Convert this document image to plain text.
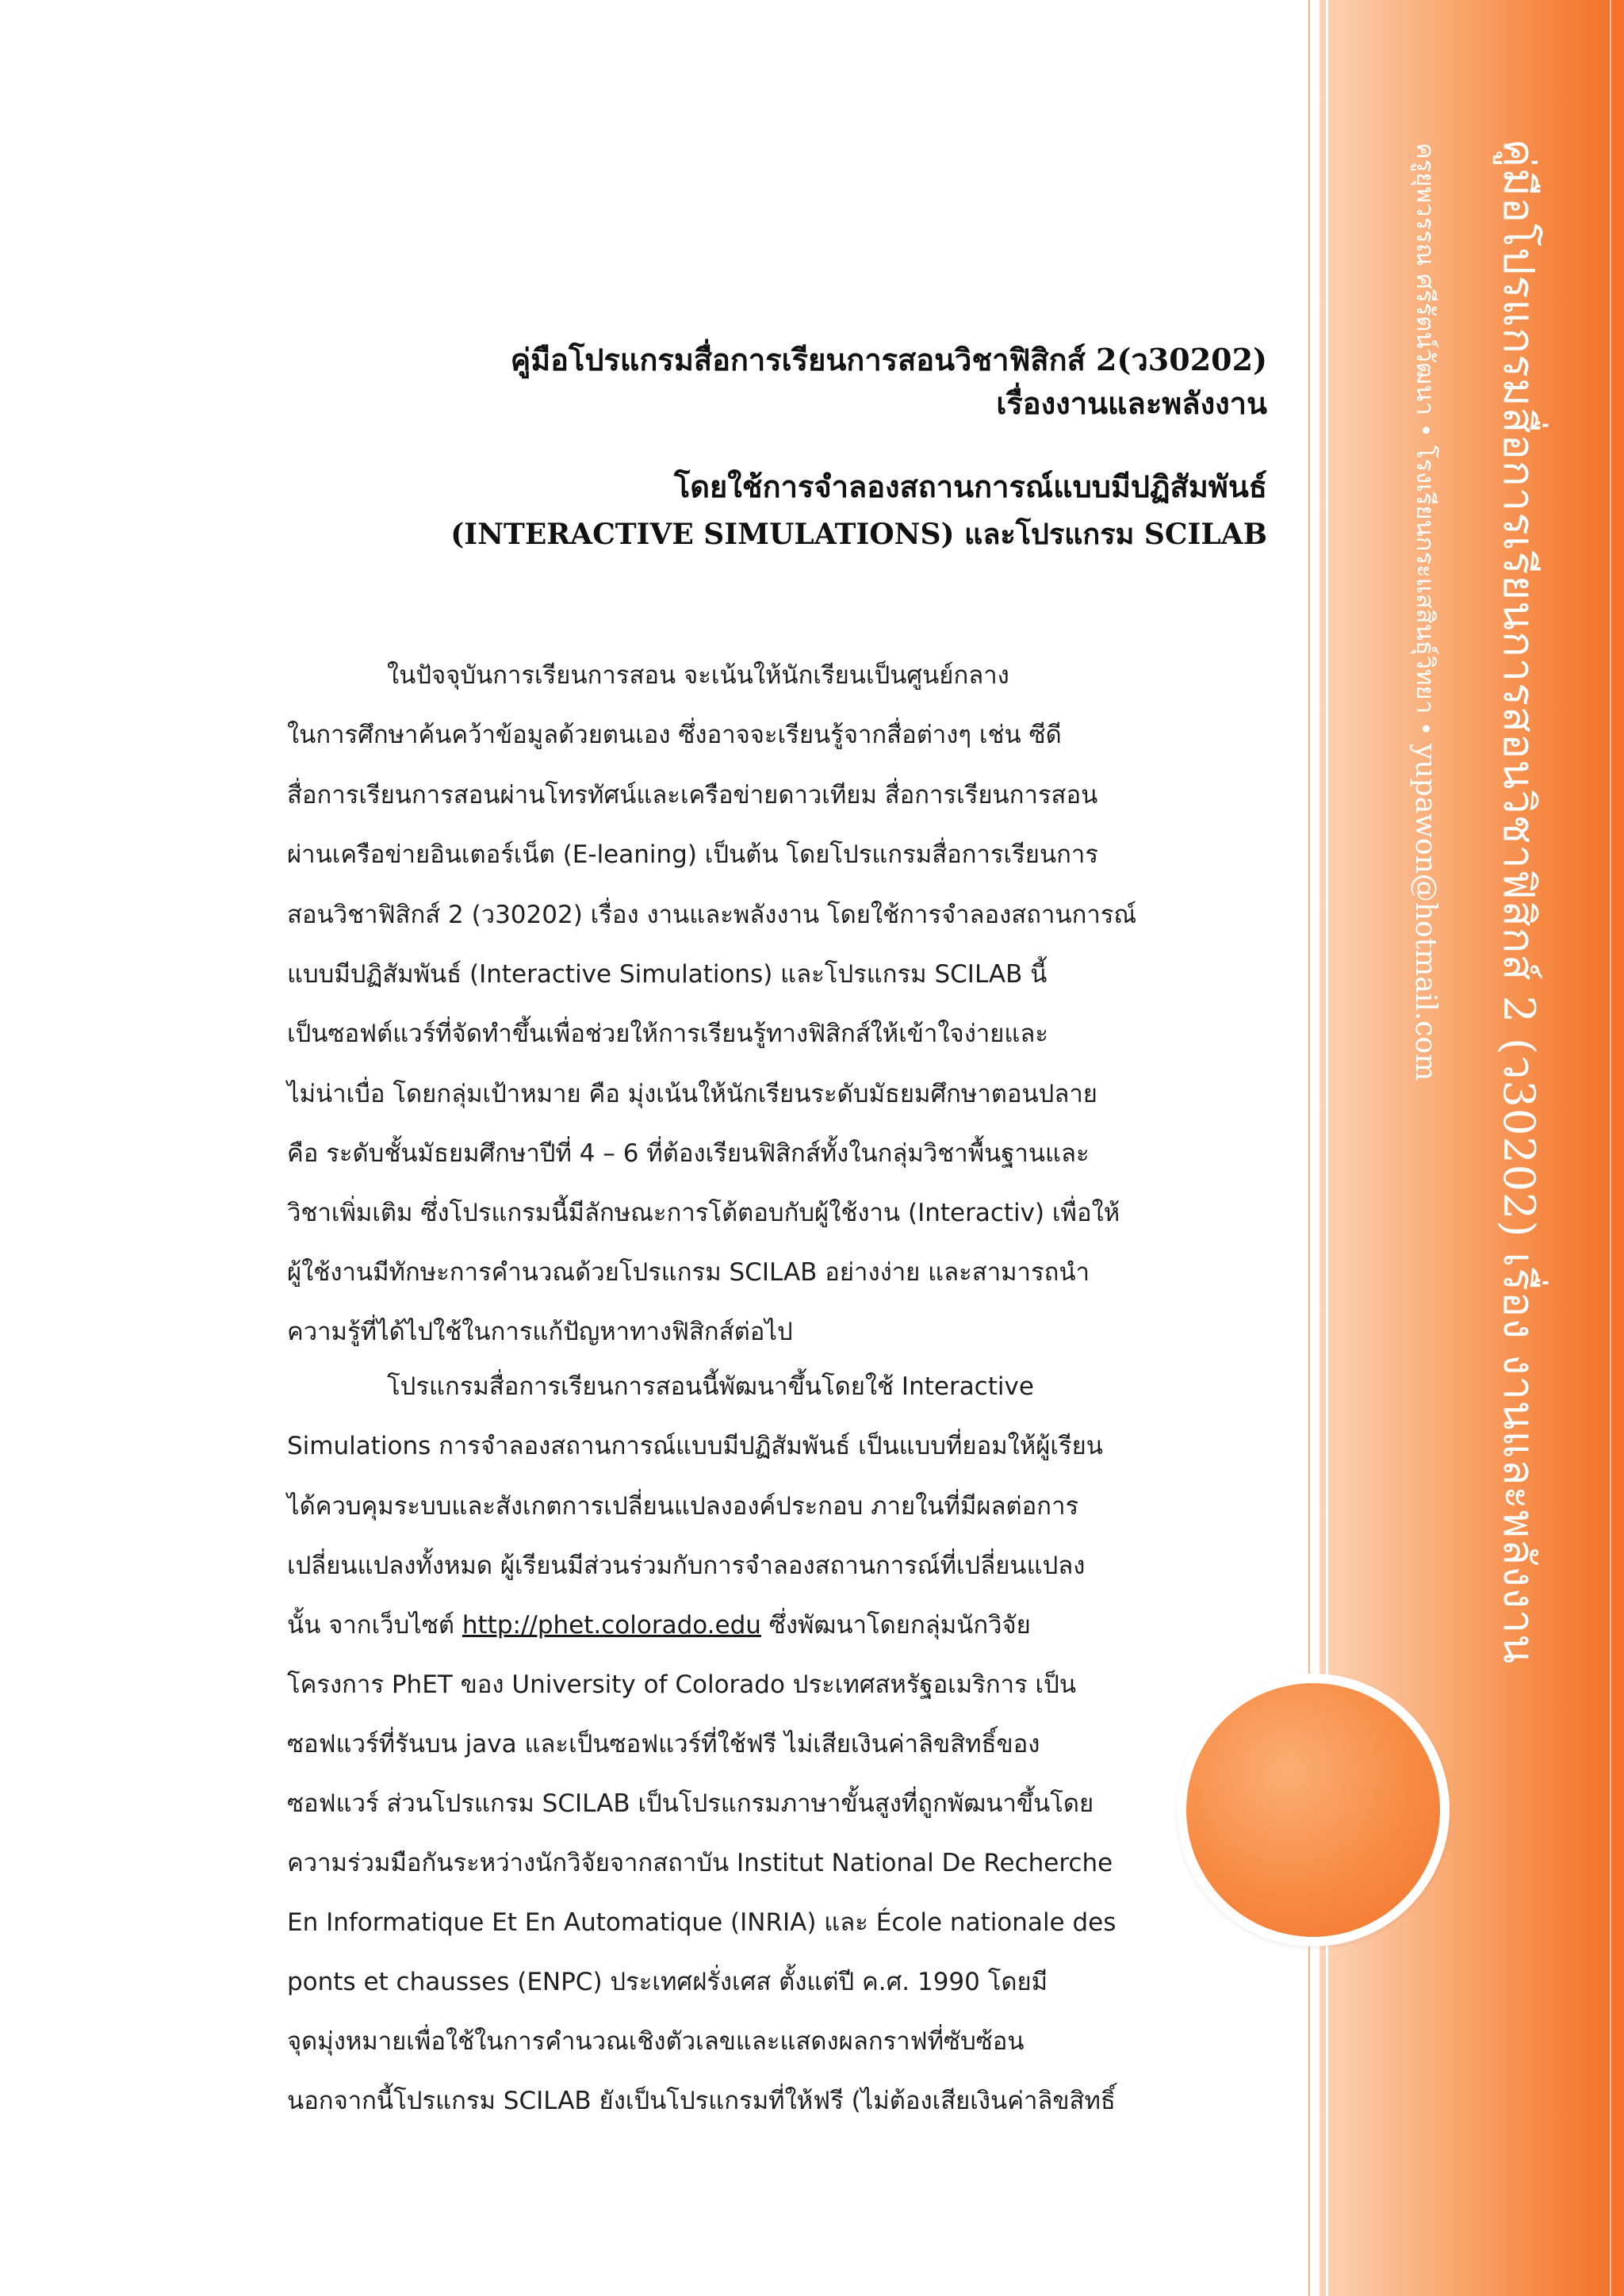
คู่มือโปรแกรมสื่อการเรียนการสอนวิชาฟิสิกส์ 2 (ว30202) เรื่อง งานและพลังงาน
ครูยุพวรรณ ศรีรัตน์วัฒนา • โรงเรียนกระแสสินธุ์วิทยา • yupawon@hotmail.com
คู่มือโปรแกรมสื่อการเรียนการสอนวิชาฟิสิกส์ 2(ว30202)
เรื่องงานและพลังงาน
โดยใช้การจำลองสถานการณ์แบบมีปฏิสัมพันธ์
(INTERACTIVE SIMULATIONS) และโปรแกรม SCILAB
ในปัจจุบันการเรียนการสอน จะเน้นให้นักเรียนเป็นศูนย์กลาง
ในการศึกษาค้นคว้าข้อมูลด้วยตนเอง ซึ่งอาจจะเรียนรู้จากสื่อต่างๆ เช่น ซีดี
สื่อการเรียนการสอนผ่านโทรทัศน์และเครือข่ายดาวเทียม สื่อการเรียนการสอน
ผ่านเครือข่ายอินเตอร์เน็ต (E-leaning) เป็นต้น โดยโปรแกรมสื่อการเรียนการ
สอนวิชาฟิสิกส์ 2 (ว30202) เรื่อง งานและพลังงาน โดยใช้การจำลองสถานการณ์
แบบมีปฏิสัมพันธ์ (Interactive Simulations) และโปรแกรม SCILAB นี้
เป็นซอฟต์แวร์ที่จัดทำขึ้นเพื่อช่วยให้การเรียนรู้ทางฟิสิกส์ให้เข้าใจง่ายและ
ไม่น่าเบื่อ โดยกลุ่มเป้าหมาย คือ มุ่งเน้นให้นักเรียนระดับมัธยมศึกษาตอนปลาย
คือ ระดับชั้นมัธยมศึกษาปีที่ 4 – 6 ที่ต้องเรียนฟิสิกส์ทั้งในกลุ่มวิชาพื้นฐานและ
วิชาเพิ่มเติม ซึ่งโปรแกรมนี้มีลักษณะการโต้ตอบกับผู้ใช้งาน (Interactiv) เพื่อให้
ผู้ใช้งานมีทักษะการคำนวณด้วยโปรแกรม SCILAB อย่างง่าย และสามารถนำ
ความรู้ที่ได้ไปใช้ในการแก้ปัญหาทางฟิสิกส์ต่อไป
โปรแกรมสื่อการเรียนการสอนนี้พัฒนาขึ้นโดยใช้ Interactive
Simulations การจำลองสถานการณ์แบบมีปฏิสัมพันธ์ เป็นแบบที่ยอมให้ผู้เรียน
ได้ควบคุมระบบและสังเกตการเปลี่ยนแปลงองค์ประกอบ ภายในที่มีผลต่อการ
เปลี่ยนแปลงทั้งหมด ผู้เรียนมีส่วนร่วมกับการจำลองสถานการณ์ที่เปลี่ยนแปลง
นั้น จากเว็บไซต์ http://phet.colorado.edu ซึ่งพัฒนาโดยกลุ่มนักวิจัย
โครงการ PhET ของ University of Colorado ประเทศสหรัฐอเมริการ เป็น
ซอฟแวร์ที่รันบน java และเป็นซอฟแวร์ที่ใช้ฟรี ไม่เสียเงินค่าลิขสิทธิ์ของ
ซอฟแวร์ ส่วนโปรแกรม SCILAB เป็นโปรแกรมภาษาขั้นสูงที่ถูกพัฒนาขึ้นโดย
ความร่วมมือกันระหว่างนักวิจัยจากสถาบัน Institut National De Recherche
En Informatique Et En Automatique (INRIA) และ École nationale des
ponts et chausses (ENPC) ประเทศฝรั่งเศส ตั้งแต่ปี ค.ศ. 1990 โดยมี
จุดมุ่งหมายเพื่อใช้ในการคำนวณเชิงตัวเลขและแสดงผลกราฟที่ซับซ้อน
นอกจากนี้โปรแกรม SCILAB ยังเป็นโปรแกรมที่ให้ฟรี (ไม่ต้องเสียเงินค่าลิขสิทธิ์
